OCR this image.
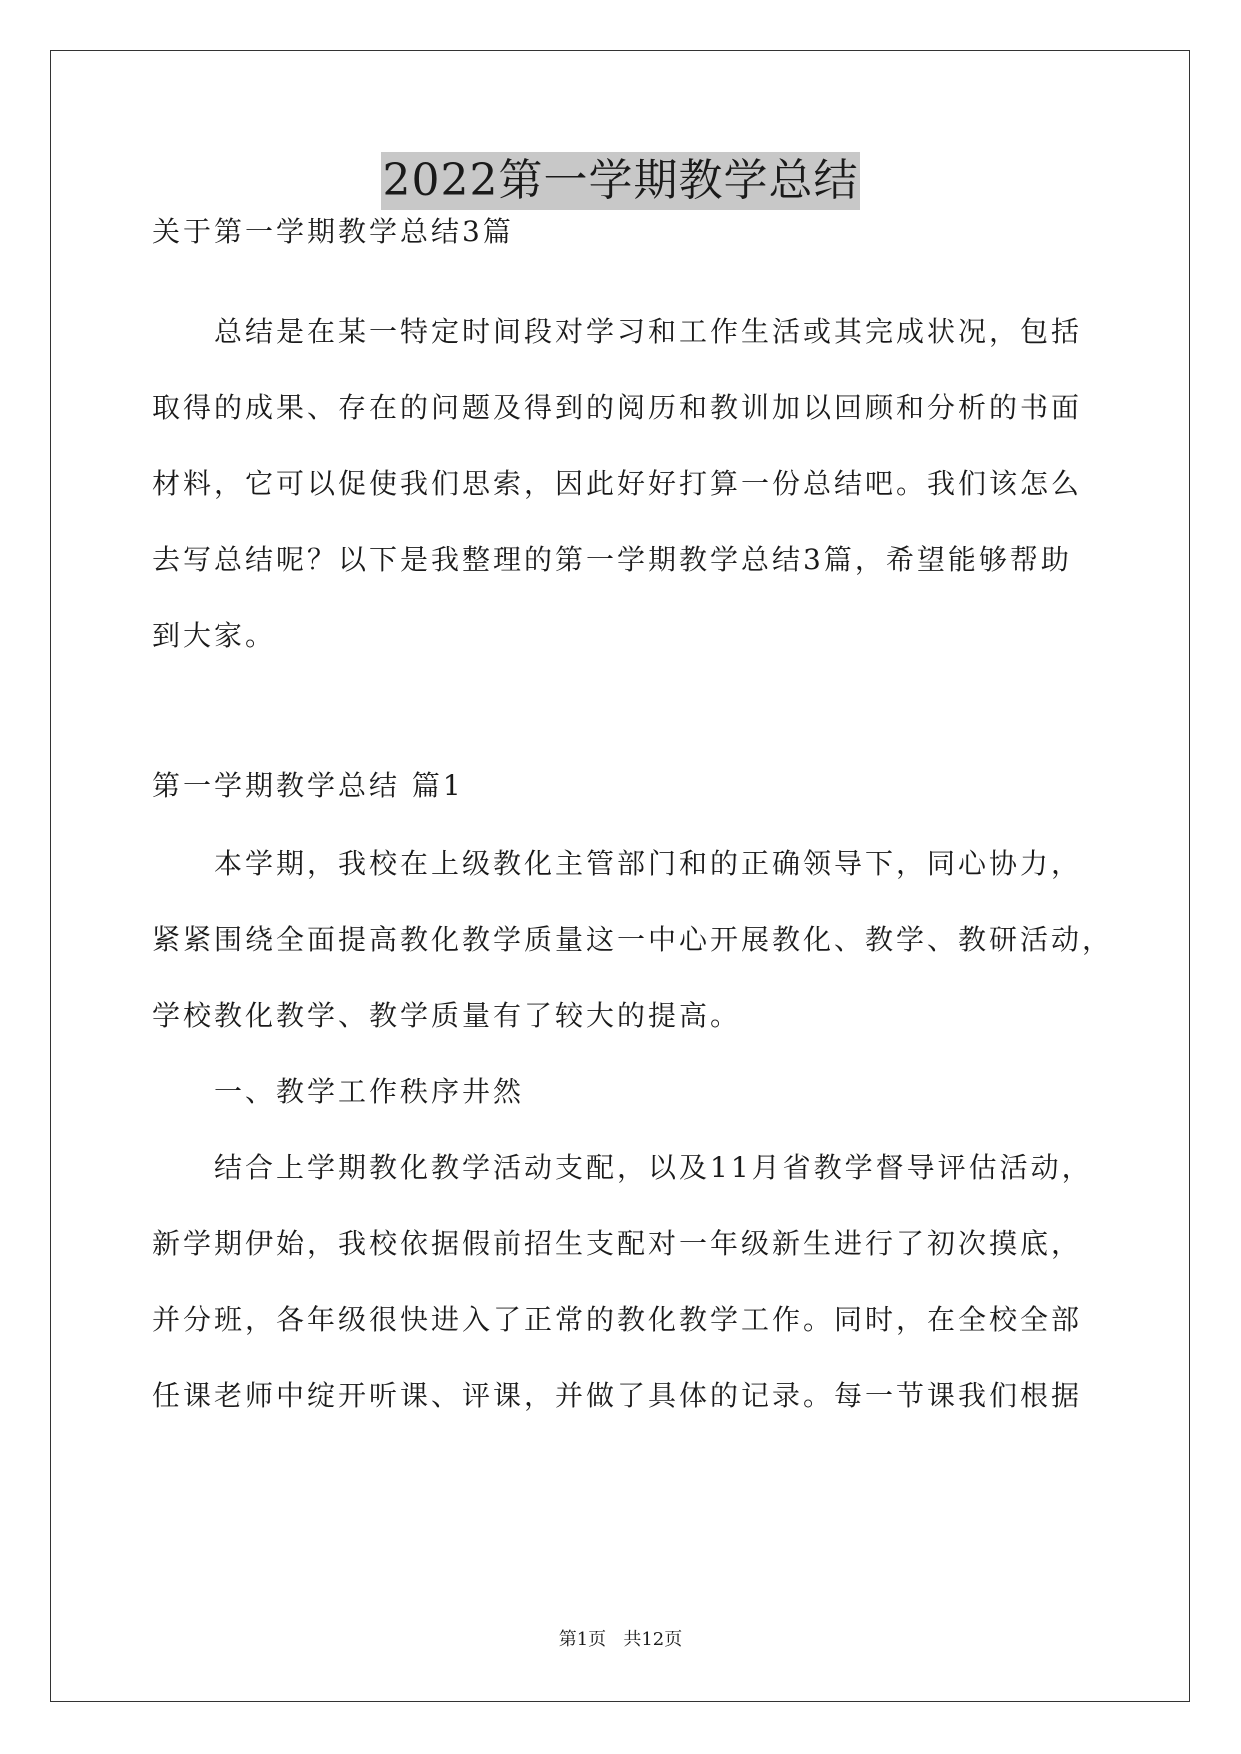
2022第一学期教学总结
关于第一学期教学总结3篇
总结是在某一特定时间段对学习和工作生活或其完成状况，包括
取得的成果、存在的问题及得到的阅历和教训加以回顾和分析的书面
材料，它可以促使我们思索，因此好好打算一份总结吧。我们该怎么
去写总结呢？以下是我整理的第一学期教学总结3篇，希望能够帮助
到大家。
第一学期教学总结 篇1
本学期，我校在上级教化主管部门和的正确领导下，同心协力，
紧紧围绕全面提高教化教学质量这一中心开展教化、教学、教研活动，
学校教化教学、教学质量有了较大的提高。
一、教学工作秩序井然
结合上学期教化教学活动支配，以及11月省教学督导评估活动，
新学期伊始，我校依据假前招生支配对一年级新生进行了初次摸底，
并分班，各年级很快进入了正常的教化教学工作。同时，在全校全部
任课老师中绽开听课、评课，并做了具体的记录。每一节课我们根据
第1页   共12页
